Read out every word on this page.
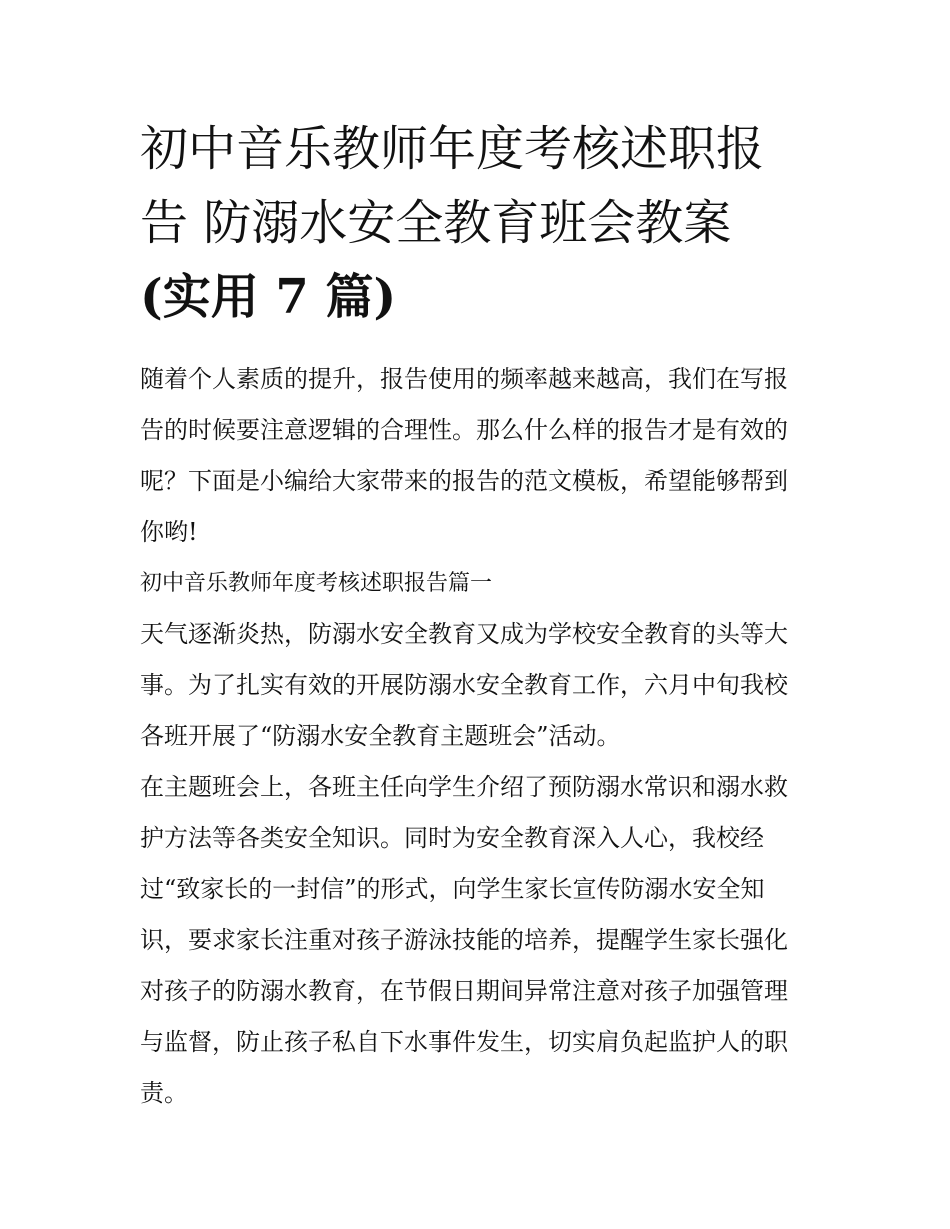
初中音乐教师年度考核述职报
告 防溺水安全教育班会教案
(实用 7 篇)

随着个人素质的提升，报告使用的频率越来越高，我们在写报
告的时候要注意逻辑的合理性。那么什么样的报告才是有效的
呢？下面是小编给大家带来的报告的范文模板，希望能够帮到
你哟!

初中音乐教师年度考核述职报告篇一

天气逐渐炎热，防溺水安全教育又成为学校安全教育的头等大
事。为了扎实有效的开展防溺水安全教育工作，六月中旬我校
各班开展了“防溺水安全教育主题班会”活动。

在主题班会上，各班主任向学生介绍了预防溺水常识和溺水救
护方法等各类安全知识。同时为安全教育深入人心，我校经
过“致家长的一封信”的形式，向学生家长宣传防溺水安全知
识，要求家长注重对孩子游泳技能的培养，提醒学生家长强化
对孩子的防溺水教育，在节假日期间异常注意对孩子加强管理
与监督，防止孩子私自下水事件发生，切实肩负起监护人的职
责。
